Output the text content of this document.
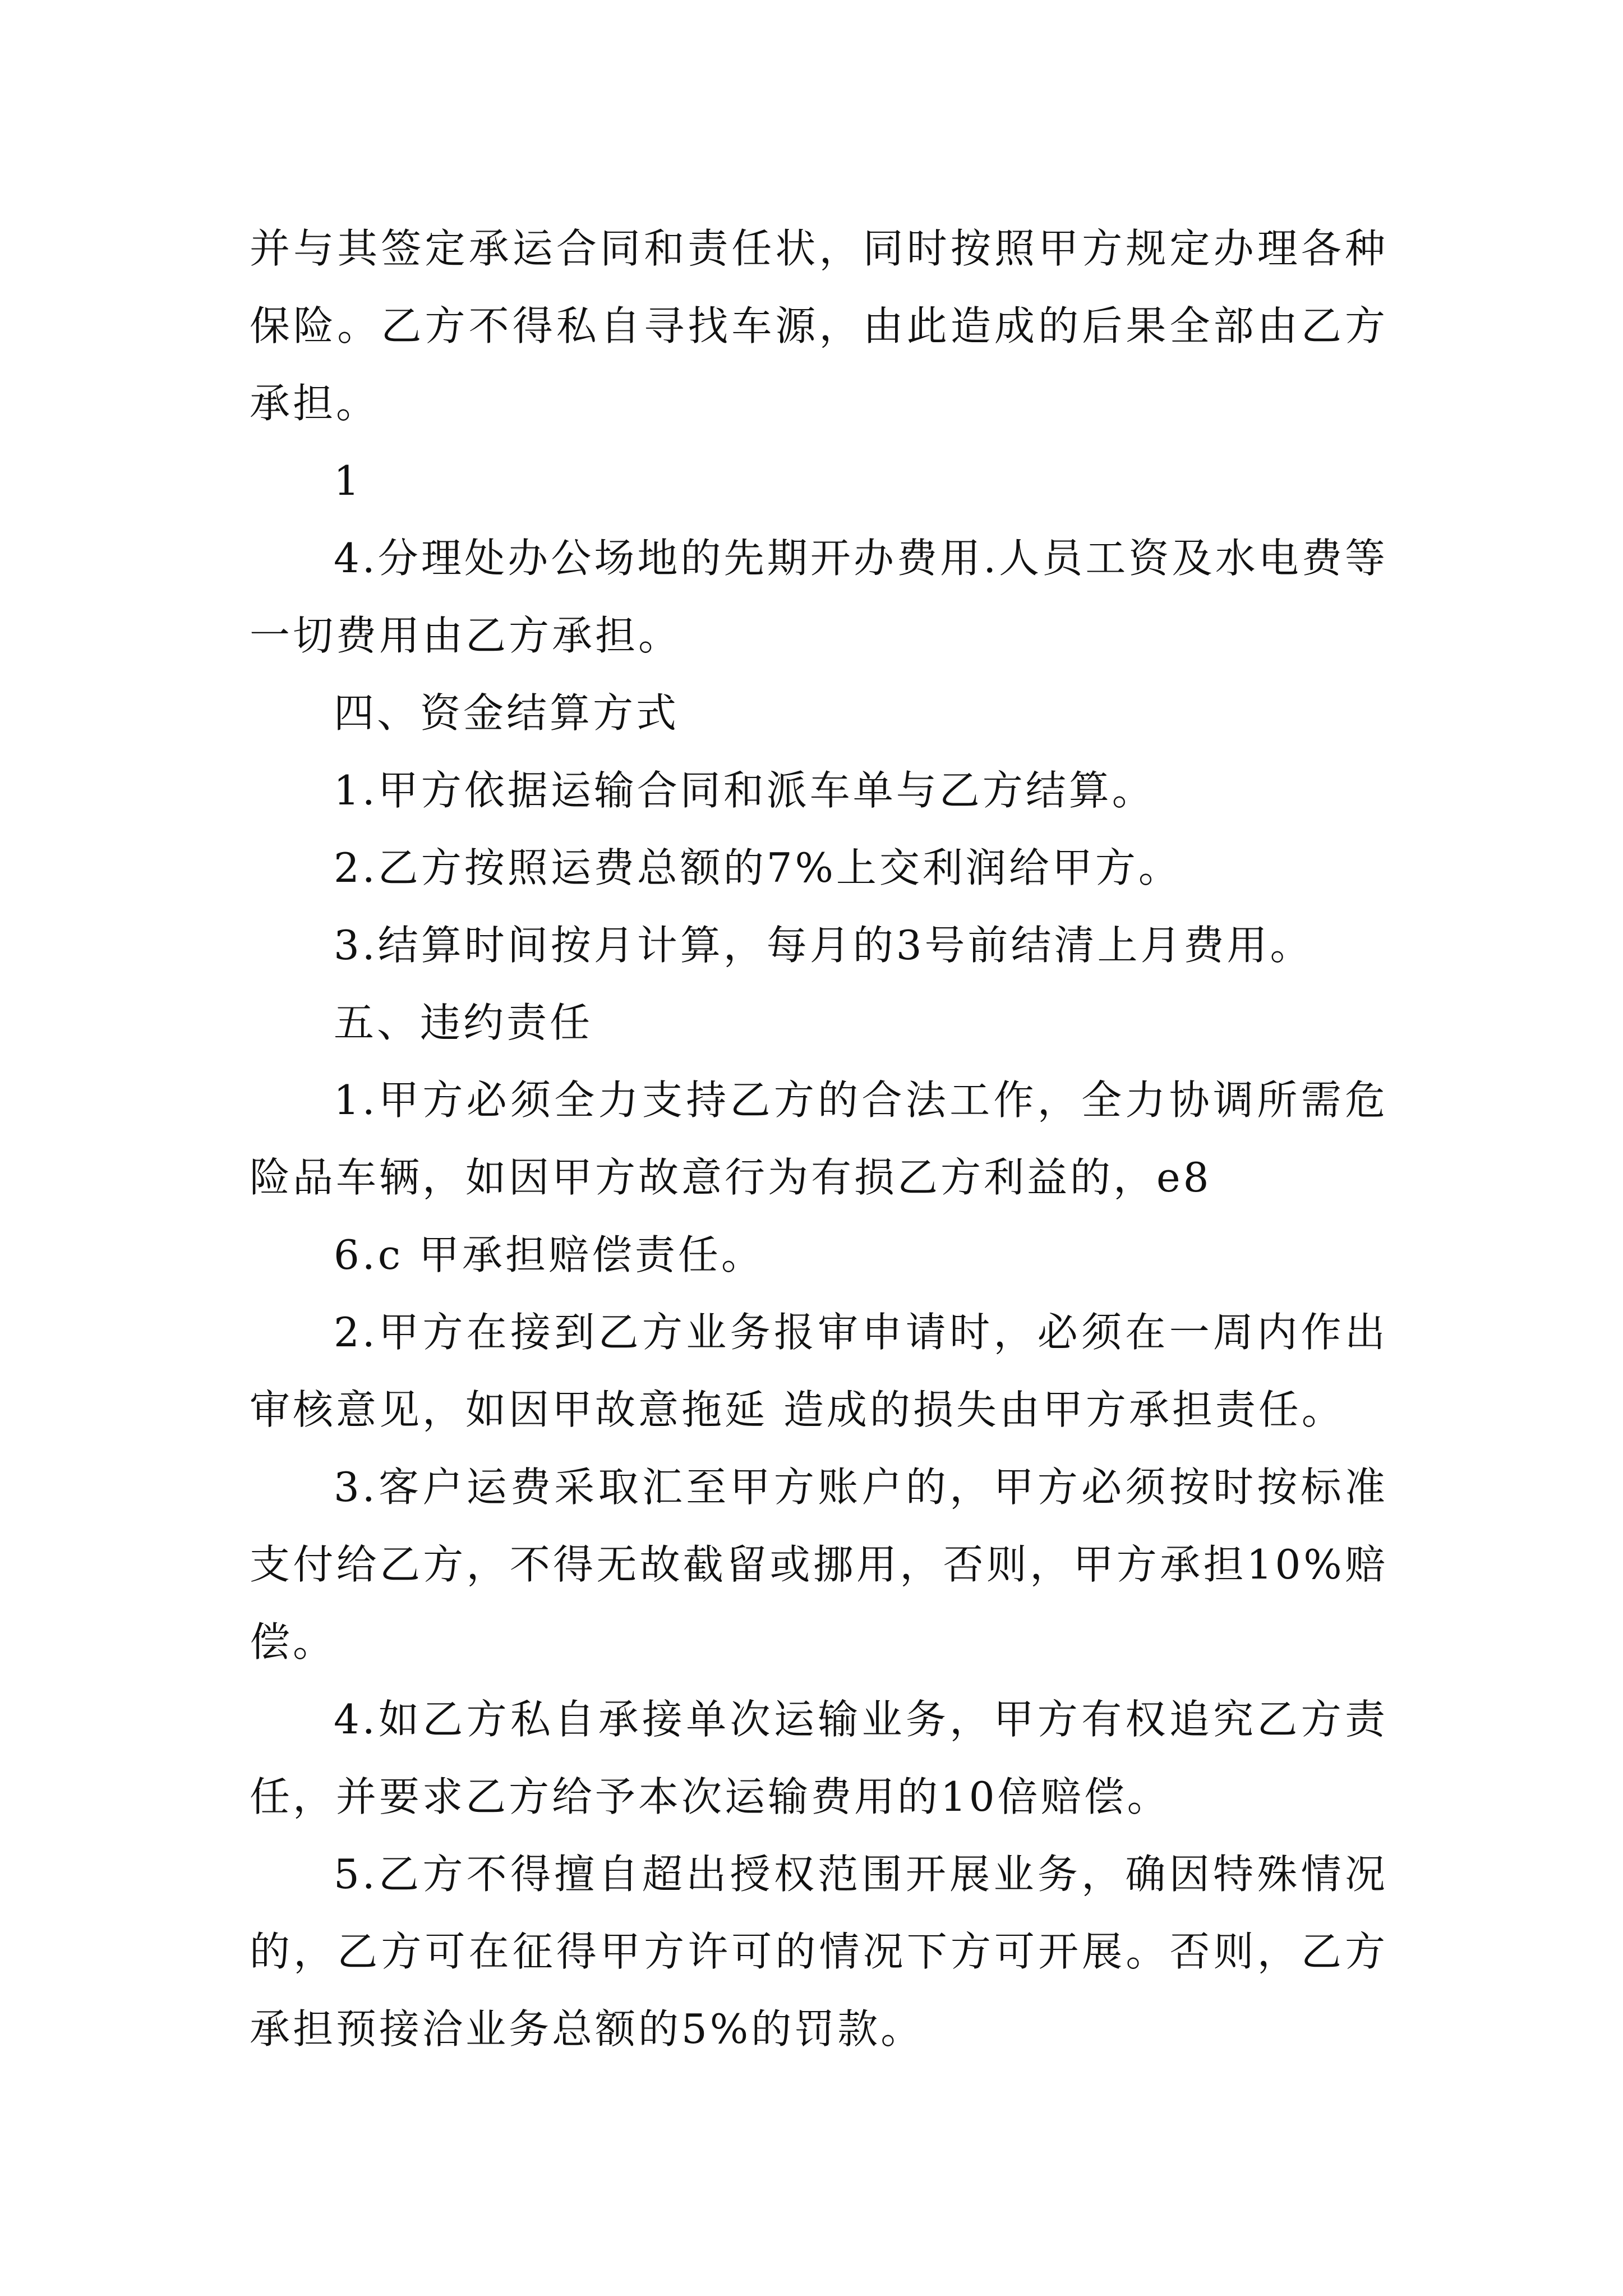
并与其签定承运合同和责任状，同时按照甲方规定办理各种保险。乙方不得私自寻找车源，由此造成的后果全部由乙方承担。

1

4.分理处办公场地的先期开办费用.人员工资及水电费等一切费用由乙方承担。

四、资金结算方式

1.甲方依据运输合同和派车单与乙方结算。

2.乙方按照运费总额的7%上交利润给甲方。

3.结算时间按月计算，每月的3号前结清上月费用。

五、违约责任

1.甲方必须全力支持乙方的合法工作，全力协调所需危险品车辆，如因甲方故意行为有损乙方利益的，e8

6.c 甲承担赔偿责任。

2.甲方在接到乙方业务报审申请时，必须在一周内作出审核意见，如因甲故意拖延 造成的损失由甲方承担责任。

3.客户运费采取汇至甲方账户的，甲方必须按时按标准支付给乙方，不得无故截留或挪用，否则，甲方承担10%赔偿。

4.如乙方私自承接单次运输业务，甲方有权追究乙方责任，并要求乙方给予本次运输费用的10倍赔偿。

5.乙方不得擅自超出授权范围开展业务，确因特殊情况的，乙方可在征得甲方许可的情况下方可开展。否则，乙方承担预接洽业务总额的5%的罚款。
